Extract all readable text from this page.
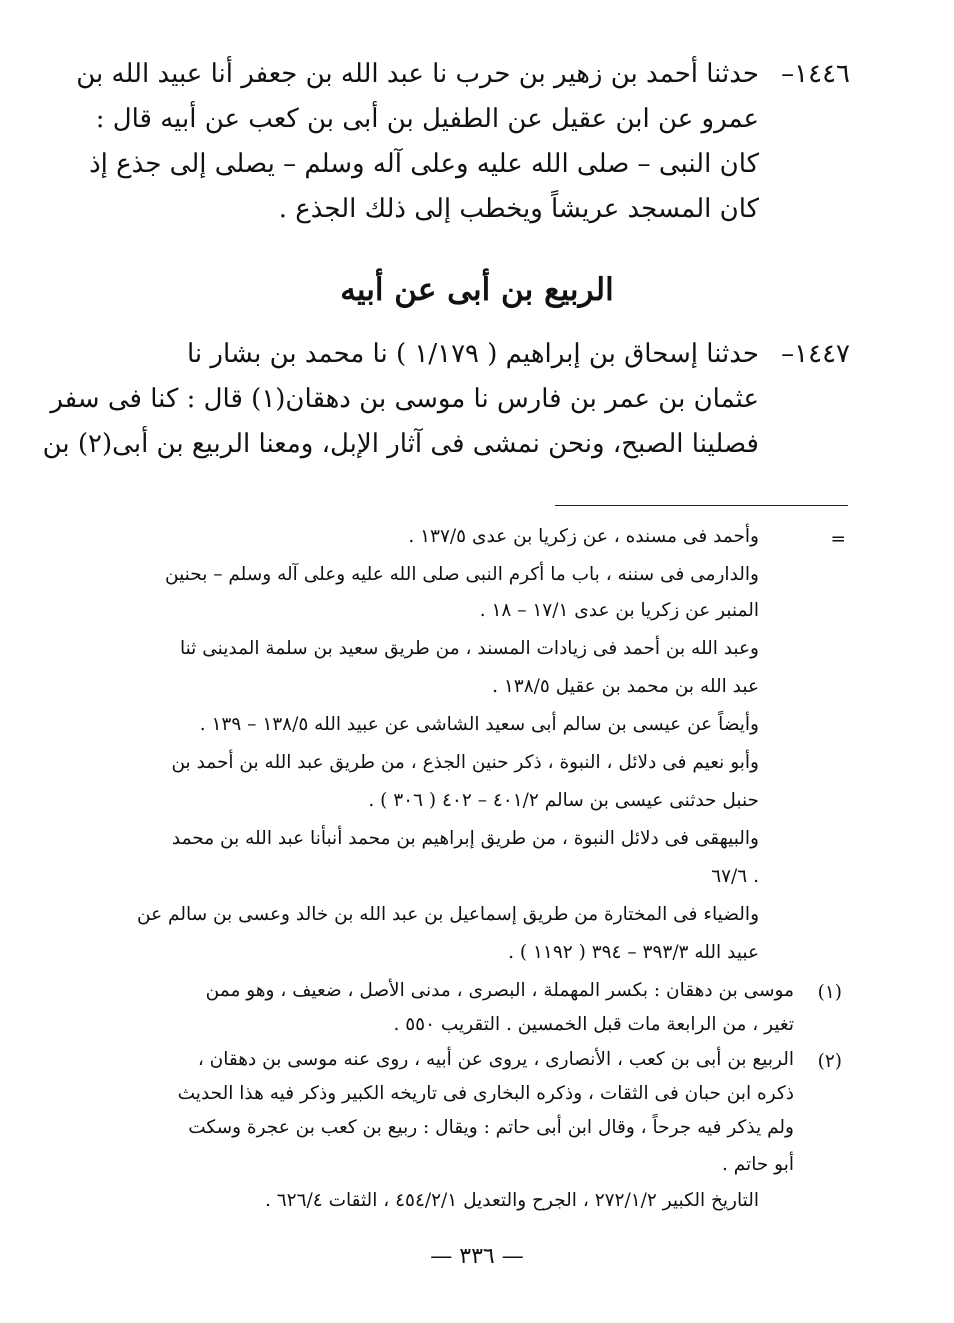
١٤٤٦–
حدثنا أحمد بن زهير بن حرب نا عبد الله بن جعفر أنا عبيد الله بن
عمرو عن ابن عقيل عن الطفيل بن أبى بن كعب عن أبيه قال :
كان النبى – صلى الله عليه وعلى آله وسلم – يصلى إلى جذع إذ
كان المسجد عريشاً ويخطب إلى ذلك الجذع .
الربيع بن أبى عن أبيه
١٤٤٧–
حدثنا إسحاق بن إبراهيم ( ١/١٧٩ ) نا محمد بن بشار نا
عثمان بن عمر بن فارس نا موسى بن دهقان(١) قال : كنا فى سفر
فصلينا الصبح، ونحن نمشى فى آثار الإبل، ومعنا الربيع بن أبى(٢) بن
=
وأحمد فى مسنده ، عن زكريا بن عدى ١٣٧/٥ .
والدارمى فى سننه ، باب ما أكرم النبى صلى الله عليه وعلى آله وسلم – بحنين
المنبر عن زكريا بن عدى ١٧/١ – ١٨ .
وعبد الله بن أحمد فى زيادات المسند ، من طريق سعيد بن سلمة المدينى ثنا
عبد الله بن محمد بن عقيل ١٣٨/٥ .
وأيضاً عن عيسى بن سالم أبى سعيد الشاشى عن عبيد الله ١٣٨/٥ – ١٣٩ .
وأبو نعيم فى دلائل ، النبوة ، ذكر حنين الجذع ، من طريق عبد الله بن أحمد بن
حنبل حدثنى عيسى بن سالم ٤٠١/٢ – ٤٠٢ ( ٣٠٦ ) .
والبيهقى فى دلائل النبوة ، من طريق إبراهيم بن محمد أنبأنا عبد الله بن محمد
٦٧/٦ .
والضياء فى المختارة من طريق إسماعيل بن عبد الله بن خالد وعسى بن سالم عن
عبيد الله ٣٩٣/٣ – ٣٩٤ ( ١١٩٢ ) .
(١)
موسى بن دهقان : بكسر المهملة ، البصرى ، مدنى الأصل ، ضعيف ، وهو ممن
تغير ، من الرابعة مات قبل الخمسين . التقريب ٥٥٠ .
(٢)
الربيع بن أبى بن كعب ، الأنصارى ، يروى عن أبيه ، روى عنه موسى بن دهقان ،
ذكره ابن حبان فى الثقات ، وذكره البخارى فى تاريخه الكبير وذكر فيه هذا الحديث
ولم يذكر فيه جرحاً ، وقال ابن أبى حاتم : ويقال : ربيع بن كعب بن عجرة وسكت
أبو حاتم .
التاريخ الكبير ٢٧٢/١/٢ ، الجرح والتعديل ٤٥٤/٢/١ ، الثقات ٦٢٦/٤ .
— ٣٣٦ —
